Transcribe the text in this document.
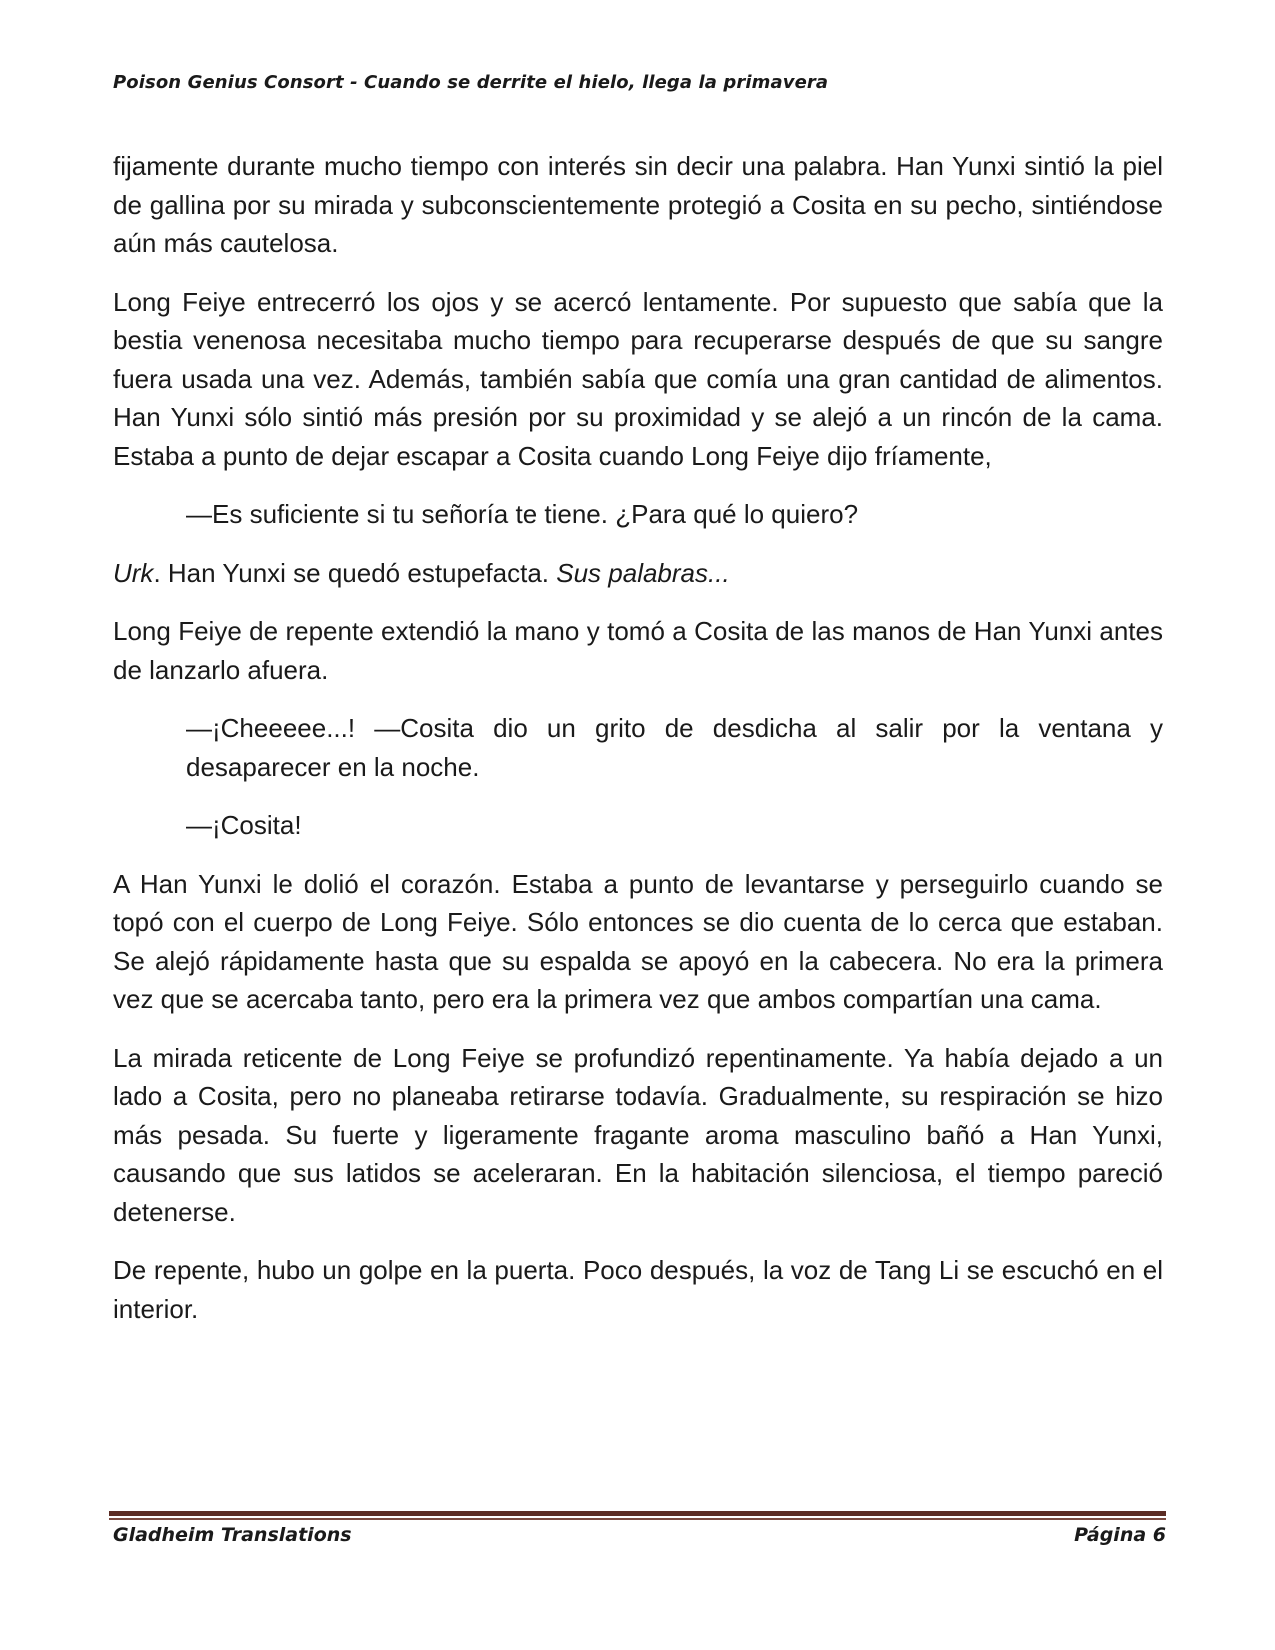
Poison Genius Consort - Cuando se derrite el hielo, llega la primavera

fijamente durante mucho tiempo con interés sin decir una palabra. Han Yunxi sintió la piel de gallina por su mirada y subconscientemente protegió a Cosita en su pecho, sintiéndose aún más cautelosa.

Long Feiye entrecerró los ojos y se acercó lentamente. Por supuesto que sabía que la bestia venenosa necesitaba mucho tiempo para recuperarse después de que su sangre fuera usada una vez. Además, también sabía que comía una gran cantidad de alimentos. Han Yunxi sólo sintió más presión por su proximidad y se alejó a un rincón de la cama. Estaba a punto de dejar escapar a Cosita cuando Long Feiye dijo fríamente,

—Es suficiente si tu señoría te tiene. ¿Para qué lo quiero?

Urk. Han Yunxi se quedó estupefacta. Sus palabras...

Long Feiye de repente extendió la mano y tomó a Cosita de las manos de Han Yunxi antes de lanzarlo afuera.

—¡Cheeeee...! —Cosita dio un grito de desdicha al salir por la ventana y desaparecer en la noche.

—¡Cosita!

A Han Yunxi le dolió el corazón. Estaba a punto de levantarse y perseguirlo cuando se topó con el cuerpo de Long Feiye. Sólo entonces se dio cuenta de lo cerca que estaban. Se alejó rápidamente hasta que su espalda se apoyó en la cabecera. No era la primera vez que se acercaba tanto, pero era la primera vez que ambos compartían una cama.

La mirada reticente de Long Feiye se profundizó repentinamente. Ya había dejado a un lado a Cosita, pero no planeaba retirarse todavía. Gradualmente, su respiración se hizo más pesada. Su fuerte y ligeramente fragante aroma masculino bañó a Han Yunxi, causando que sus latidos se aceleraran. En la habitación silenciosa, el tiempo pareció detenerse.

De repente, hubo un golpe en la puerta. Poco después, la voz de Tang Li se escuchó en el interior.

Gladheim Translations	Página 6
